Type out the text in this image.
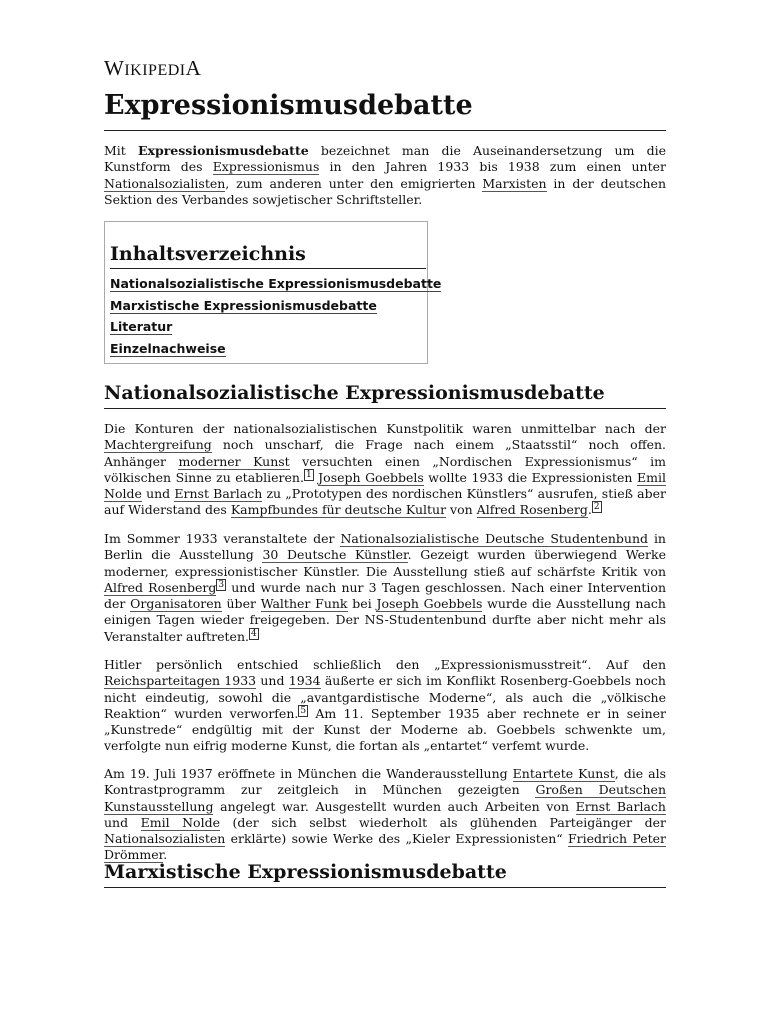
WIKIPEDIA
Expressionismusdebatte

Mit Expressionismusdebatte bezeichnet man die Auseinandersetzung um die Kunstform des Expressionismus in den Jahren 1933 bis 1938 zum einen unter Nationalsozialisten, zum anderen unter den emigrierten Marxisten in der deutschen Sektion des Verbandes sowjetischer Schriftsteller.

Inhaltsverzeichnis
Nationalsozialistische Expressionismusdebatte
Marxistische Expressionismusdebatte
Literatur
Einzelnachweise
Nationalsozialistische Expressionismusdebatte

Die Konturen der nationalsozialistischen Kunstpolitik waren unmittelbar nach der Machtergreifung noch unscharf, die Frage nach einem „Staatsstil“ noch offen. Anhänger moderner Kunst versuchten einen „Nordischen Expressionismus“ im völkischen Sinne zu etablieren. $^1$ Joseph Goebbels wollte 1933 die Expressionisten Emil Nolde und Ernst Barlach zu „Prototypen des nordischen Künstlers“ ausrufen, stieß aber auf Widerstand des Kampfbundes für deutsche Kultur von Alfred Rosenberg. $^2$

Im Sommer 1933 veranstaltete der Nationalsozialistische Deutsche Studentenbund in Berlin die Ausstellung 30 Deutsche Künstler. Gezeigt wurden überwiegend Werke moderner, expressionistischer Künstler. Die Ausstellung stieß auf schärfste Kritik von Alfred Rosenberg $^3$ und wurde nach nur 3 Tagen geschlossen. Nach einer Intervention der Organisatoren über Walther Funk bei Joseph Goebbels wurde die Ausstellung nach einigen Tagen wieder freigegeben. Der NS-Studentenbund durfte aber nicht mehr als Veranstalter auftreten. $^4$

Hitler persönlich entschied schließlich den „Expressionismusstreit“. Auf den Reichsparteitagen 1933 und 1934 äußerte er sich im Konflikt Rosenberg-Goebbels noch nicht eindeutig, sowohl die „avantgardistische Moderne“, als auch die „völkische Reaktion“ wurden verworfen. $^5$ Am 11. September 1935 aber rechnete er in seiner „Kunstrede“ endgültig mit der Kunst der Moderne ab. Goebbels schwenkte um, verfolgte nun eifrig moderne Kunst, die fortan als „entartet“ verfemt wurde.

Am 19. Juli 1937 eröffnete in München die Wanderausstellung Entartete Kunst, die als Kontrastprogramm zur zeitgleich in München gezeigten Großen Deutschen Kunstausstellung angelegt war. Ausgestellt wurden auch Arbeiten von Ernst Barlach und Emil Nolde (der sich selbst wiederholt als glühenden Parteigänger der Nationalsozialisten erklärte) sowie Werke des „Kieler Expressionisten“ Friedrich Peter Drömmer.

Marxistische Expressionismusdebatte
